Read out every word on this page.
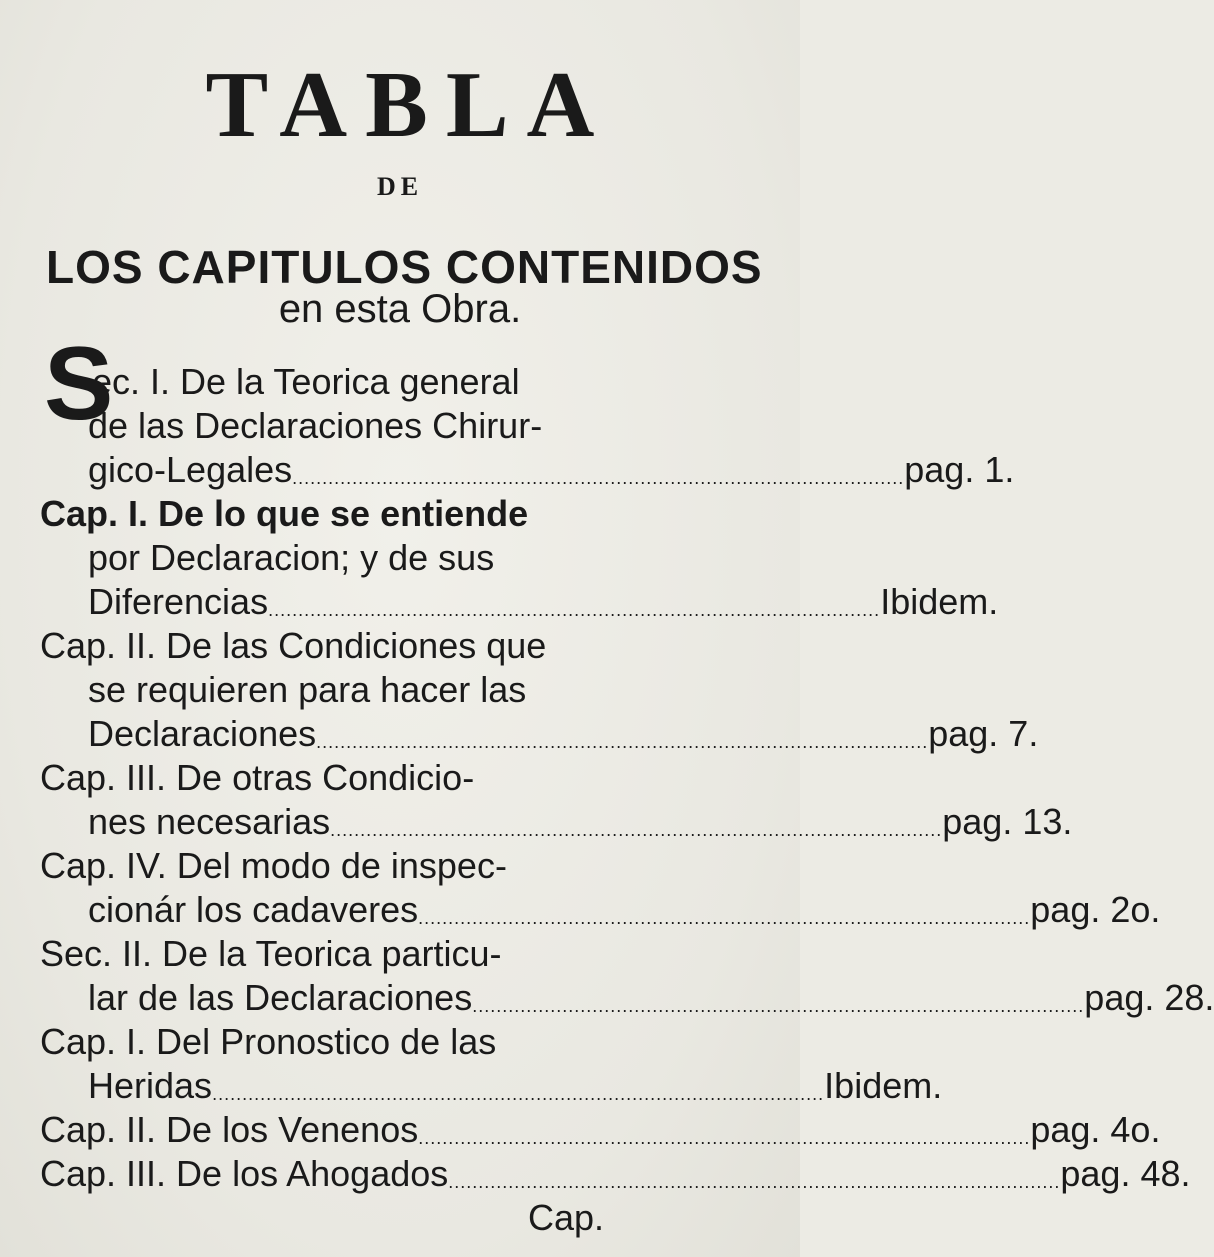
TABLA
DE
LOS CAPITULOS CONTENIDOS
en esta Obra.
S
ec. I. De la Teorica general
de las Declaraciones Chirur-
gico-Legales ...................................................................................................... pag. 1.
Cap. I. De lo que se entiende
por Declaracion; y de sus
Diferencias ...................................................................................................... Ibidem.
Cap. II. De las Condiciones que
se requieren para hacer las
Declaraciones ...................................................................................................... pag. 7.
Cap. III. De otras Condicio-
nes necesarias ...................................................................................................... pag. 13.
Cap. IV. Del modo de inspec-
cionár los cadaveres ...................................................................................................... pag. 2o.
Sec. II. De la Teorica particu-
lar de las Declaraciones ...................................................................................................... pag. 28.
Cap. I. Del Pronostico de las
Heridas ...................................................................................................... Ibidem.
Cap. II. De los Venenos ...................................................................................................... pag. 4o.
Cap. III. De los Ahogados ...................................................................................................... pag. 48.
Cap.
